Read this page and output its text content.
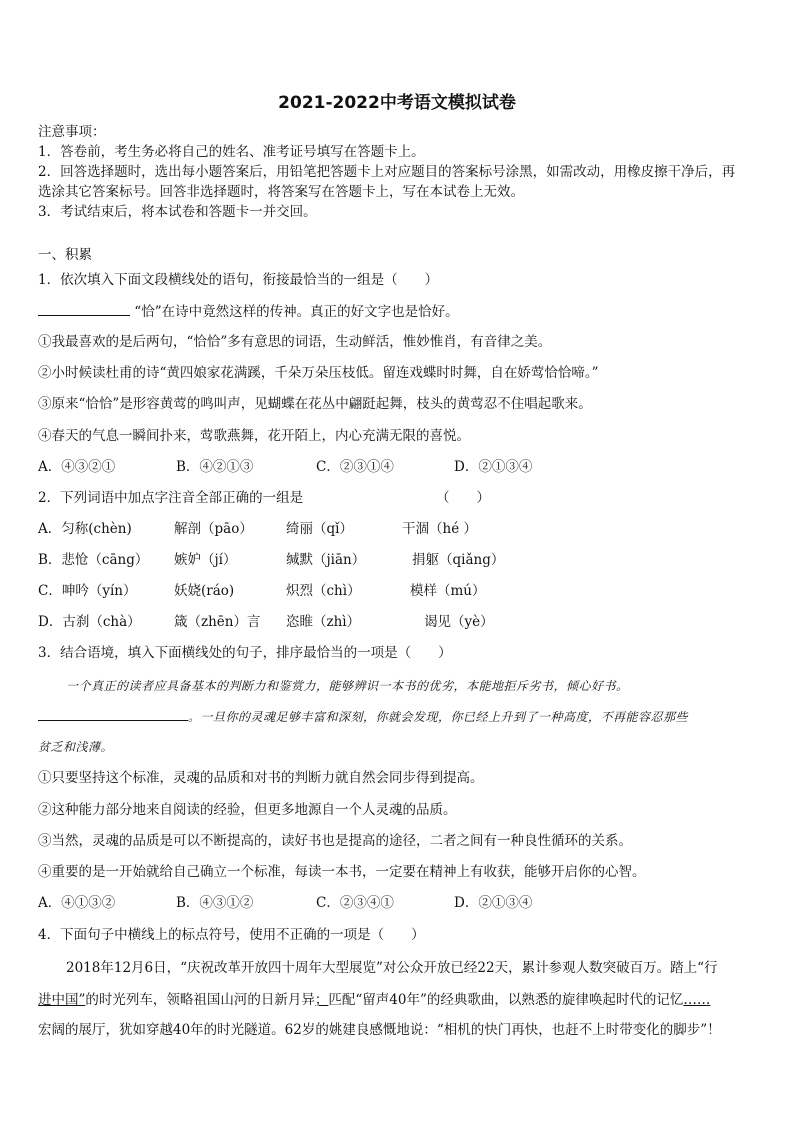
2021-2022中考语文模拟试卷
注意事项：
1．答卷前，考生务必将自己的姓名、准考证号填写在答题卡上。
2．回答选择题时，选出每小题答案后，用铅笔把答题卡上对应题目的答案标号涂黑，如需改动，用橡皮擦干净后，再
选涂其它答案标号。回答非选择题时，将答案写在答题卡上，写在本试卷上无效。
3．考试结束后，将本试卷和答题卡一并交回。
一、积累
1．依次填入下面文段横线处的语句，衔接最恰当的一组是（　　）
“恰”在诗中竟然这样的传神。真正的好文字也是恰好。
①我最喜欢的是后两句，“恰恰”多有意思的词语，生动鲜活，惟妙惟肖，有音律之美。
②小时候读杜甫的诗“黄四娘家花满蹊，千朵万朵压枝低。留连戏蝶时时舞，自在娇莺恰恰啼。”
③原来“恰恰”是形容黄莺的鸣叫声，见蝴蝶在花丛中翩跹起舞，枝头的黄莺忍不住唱起歌来。
④春天的气息一瞬间扑来，莺歌燕舞，花开陌上，内心充满无限的喜悦。
A．④③②①	B．④②①③	C．②③①④	D．②①③④
2．下列词语中加点字注音全部正确的一组是	（　　）
A．匀称(chèn)	解剖（pāo） 绮丽（qǐ）	干涸（hé ）
B．悲怆（cāng） 嫉妒（jí）	缄默（jiān）	捐躯（qiǎng）
C．呻吟（yín）	妖娆(ráo)	炽烈（chì）	模样（mú）
D．古刹（chà） 箴（zhēn）言 恣睢（zhì）	谒见（yè）
3．结合语境，填入下面横线处的句子，排序最恰当的一项是（　　）
一个真正的读者应具备基本的判断力和鉴赏力，能够辨识一本书的优劣，本能地拒斥劣书，倾心好书。
。一旦你的灵魂足够丰富和深刻，你就会发现，你已经上升到了一种高度，不再能容忍那些
贫乏和浅薄。
①只要坚持这个标准，灵魂的品质和对书的判断力就自然会同步得到提高。
②这种能力部分地来自阅读的经验，但更多地源自一个人灵魂的品质。
③当然，灵魂的品质是可以不断提高的，读好书也是提高的途径，二者之间有一种良性循环的关系。
④重要的是一开始就给自己确立一个标准，每读一本书，一定要在精神上有收获，能够开启你的心智。
A．④①③②	B．④③①②	C．②③④①	D．②①③④
4．下面句子中横线上的标点符号，使用不正确的一项是（　　）
2018年12月6日，“庆祝改革开放四十周年大型展览”对公众开放已经22天，累计参观人数突破百万。踏上“行
进中国”的时光列车，领略祖国山河的日新月异；匹配“留声40年”的经典歌曲，以熟悉的旋律唤起时代的记忆……
宏阔的展厅，犹如穿越40年的时光隧道。62岁的姚建良感慨地说：“相机的快门再快，也赶不上时带变化的脚步”！
